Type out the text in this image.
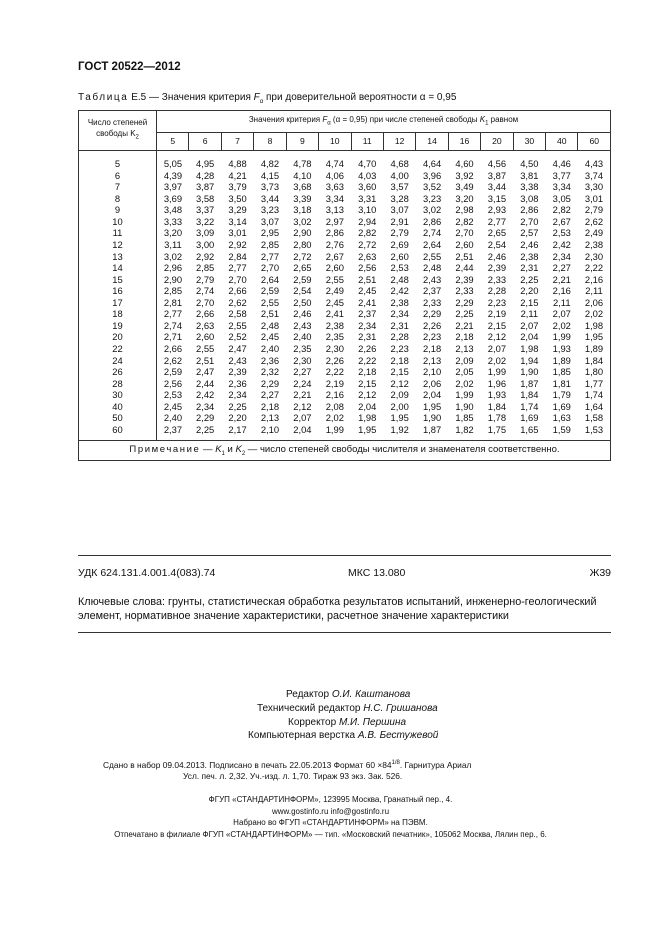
ГОСТ 20522—2012
Таблица Е.5 — Значения критерия $F_\alpha$ при доверительной вероятности α = 0,95
Число степеней свободы $K_2$	Значения критерия $F_\alpha$ (α = 0,95) при числе степеней свободы $K_1$ равном													
	5	6	7	8	9	10	11	12	14	16	20	30	40	60
5	5,05	4,95	4,88	4,82	4,78	4,74	4,70	4,68	4,64	4,60	4,56	4,50	4,46	4,43
6	4,39	4,28	4,21	4,15	4,10	4,06	4,03	4,00	3,96	3,92	3,87	3,81	3,77	3,74
7	3,97	3,87	3,79	3,73	3,68	3,63	3,60	3,57	3,52	3,49	3,44	3,38	3,34	3,30
8	3,69	3,58	3,50	3,44	3,39	3,34	3,31	3,28	3,23	3,20	3,15	3,08	3,05	3,01
9	3,48	3,37	3,29	3,23	3,18	3,13	3,10	3,07	3,02	2,98	2,93	2,86	2,82	2,79
10	3,33	3,22	3,14	3,07	3,02	2,97	2,94	2,91	2,86	2,82	2,77	2,70	2,67	2,62
11	3,20	3,09	3,01	2,95	2,90	2,86	2,82	2,79	2,74	2,70	2,65	2,57	2,53	2,49
12	3,11	3,00	2,92	2,85	2,80	2,76	2,72	2,69	2,64	2,60	2,54	2,46	2,42	2,38
13	3,02	2,92	2,84	2,77	2,72	2,67	2,63	2,60	2,55	2,51	2,46	2,38	2,34	2,30
14	2,96	2,85	2,77	2,70	2,65	2,60	2,56	2,53	2,48	2,44	2,39	2,31	2,27	2,22
15	2,90	2,79	2,70	2,64	2,59	2,55	2,51	2,48	2,43	2,39	2,33	2,25	2,21	2,16
16	2,85	2,74	2,66	2,59	2,54	2,49	2,45	2,42	2,37	2,33	2,28	2,20	2,16	2,11
17	2,81	2,70	2,62	2,55	2,50	2,45	2,41	2,38	2,33	2,29	2,23	2,15	2,11	2,06
18	2,77	2,66	2,58	2,51	2,46	2,41	2,37	2,34	2,29	2,25	2,19	2,11	2,07	2,02
19	2,74	2,63	2,55	2,48	2,43	2,38	2,34	2,31	2,26	2,21	2,15	2,07	2,02	1,98
20	2,71	2,60	2,52	2,45	2,40	2,35	2,31	2,28	2,23	2,18	2,12	2,04	1,99	1,95
22	2,66	2,55	2,47	2,40	2,35	2,30	2,26	2,23	2,18	2,13	2,07	1,98	1,93	1,89
24	2,62	2,51	2,43	2,36	2,30	2,26	2,22	2,18	2,13	2,09	2,02	1,94	1,89	1,84
26	2,59	2,47	2,39	2,32	2,27	2,22	2,18	2,15	2,10	2,05	1,99	1,90	1,85	1,80
28	2,56	2,44	2,36	2,29	2,24	2,19	2,15	2,12	2,06	2,02	1,96	1,87	1,81	1,77
30	2,53	2,42	2,34	2,27	2,21	2,16	2,12	2,09	2,04	1,99	1,93	1,84	1,79	1,74
40	2,45	2,34	2,25	2,18	2,12	2,08	2,04	2,00	1,95	1,90	1,84	1,74	1,69	1,64
50	2,40	2,29	2,20	2,13	2,07	2,02	1,98	1,95	1,90	1,85	1,78	1,69	1,63	1,58
60	2,37	2,25	2,17	2,10	2,04	1,99	1,95	1,92	1,87	1,82	1,75	1,65	1,59	1,53
Примечание — $K_1$ и $K_2$ — число степеней свободы числителя и знаменателя соответственно.														
УДК 624.131.4.001.4(083).74	МКС 13.080	Ж39
Ключевые слова: грунты, статистическая обработка результатов испытаний, инженерно-геологический элемент, нормативное значение характеристики, расчетное значение характеристики
Редактор О.И. Каштанова
Технический редактор Н.С. Гришанова
Корректор М.И. Першина
Компьютерная верстка А.В. Бестужевой
Сдано в набор 09.04.2013. Подписано в печать 22.05.2013 Формат $60 \times 84^{1/8}$. Гарнитура Ариал
Усл. печ. л. 2,32. Уч.-изд. л. 1,70. Тираж 93 экз. Зак. 526.
ФГУП «СТАНДАРТИНФОРМ», 123995 Москва, Гранатный пер., 4.
www.gostinfo.ru info@gostinfo.ru
Набрано во ФГУП «СТАНДАРТИНФОРМ» на ПЭВМ.
Отпечатано в филиале ФГУП «СТАНДАРТИНФОРМ» — тип. «Московский печатник», 105062 Москва, Лялин пер., 6.
